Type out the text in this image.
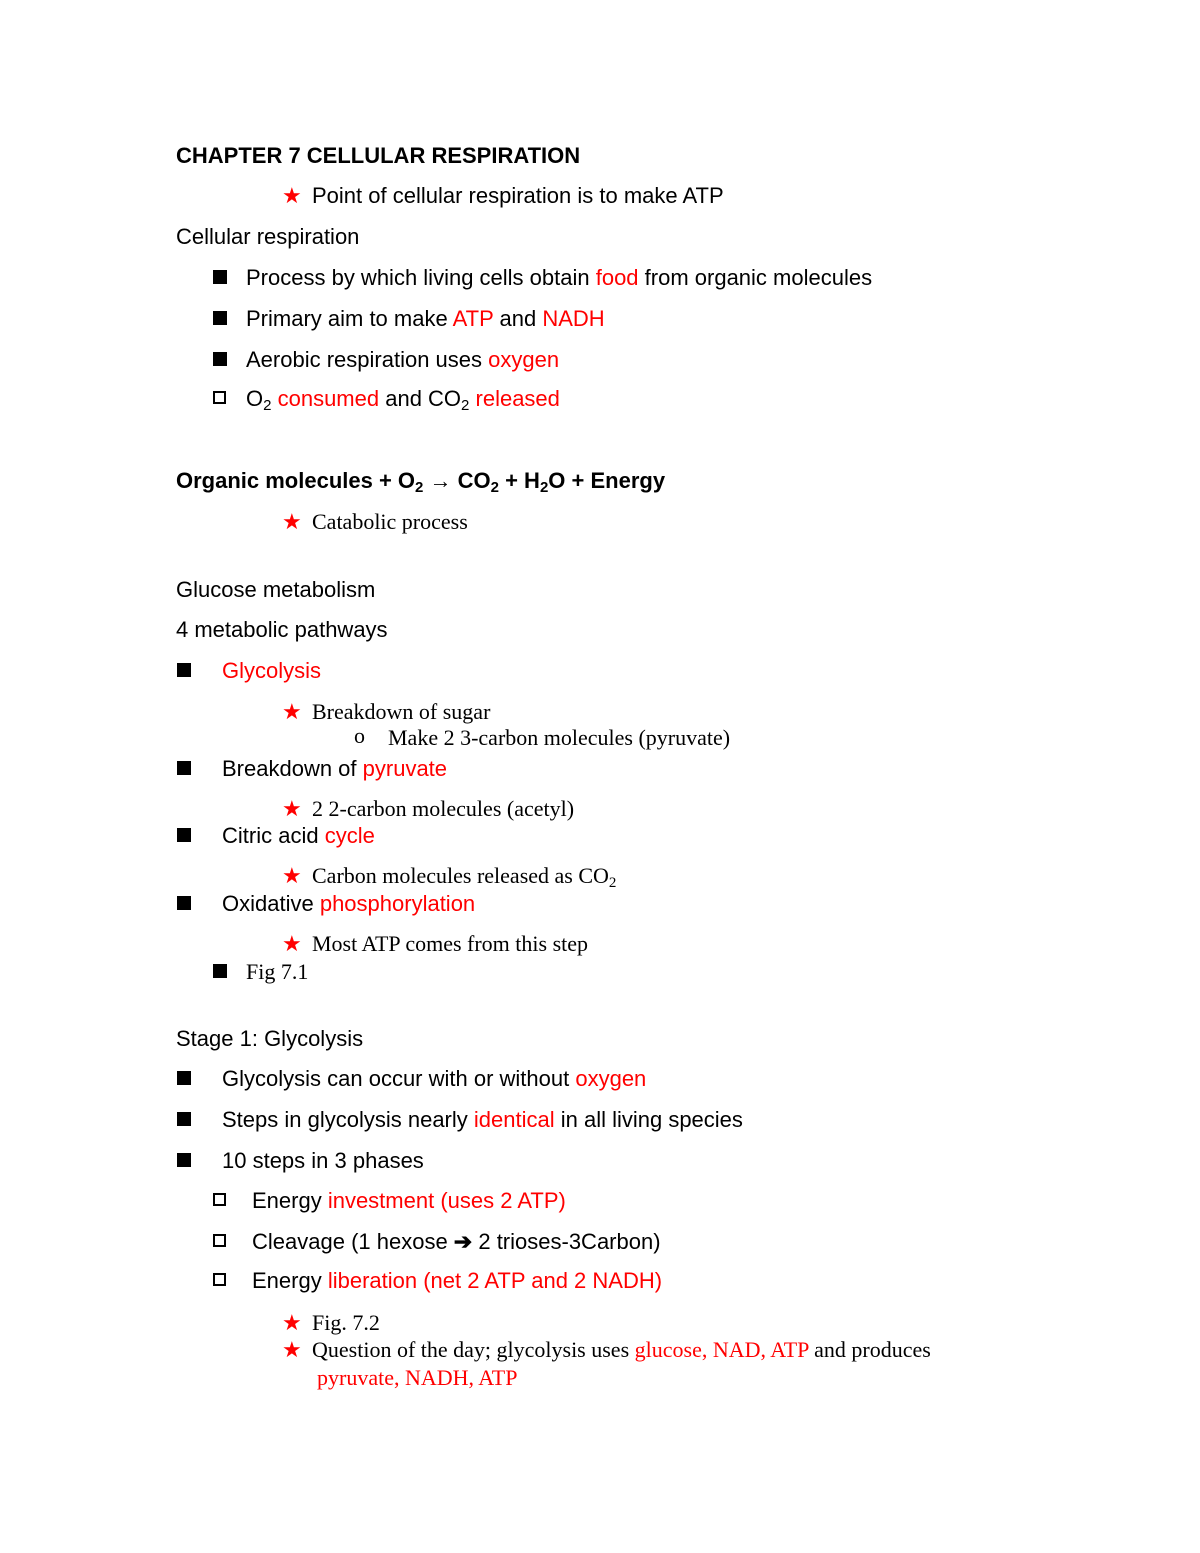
CHAPTER 7 CELLULAR RESPIRATION
★ Point of cellular respiration is to make ATP
Cellular respiration
Process by which living cells obtain food from organic molecules
Primary aim to make ATP and NADH
Aerobic respiration uses oxygen
$O_2$ consumed and $CO_2$ released
Organic molecules + $O_2 \to CO_2 + H_2O$ + Energy
★ Catabolic process
Glucose metabolism
4 metabolic pathways
Glycolysis
★ Breakdown of sugar
o Make 2 3-carbon molecules (pyruvate)
Breakdown of pyruvate
★ 2 2-carbon molecules (acetyl)
Citric acid cycle
★ Carbon molecules released as $CO_2$
Oxidative phosphorylation
★ Most ATP comes from this step
Fig 7.1
Stage 1: Glycolysis
Glycolysis can occur with or without oxygen
Steps in glycolysis nearly identical in all living species
10 steps in 3 phases
Energy investment (uses 2 ATP)
Cleavage (1 hexose ➔ 2 trioses-3Carbon)
Energy liberation (net 2 ATP and 2 NADH)
★ Fig. 7.2
★ Question of the day; glycolysis uses glucose, NAD, ATP and produces
pyruvate, NADH, ATP
